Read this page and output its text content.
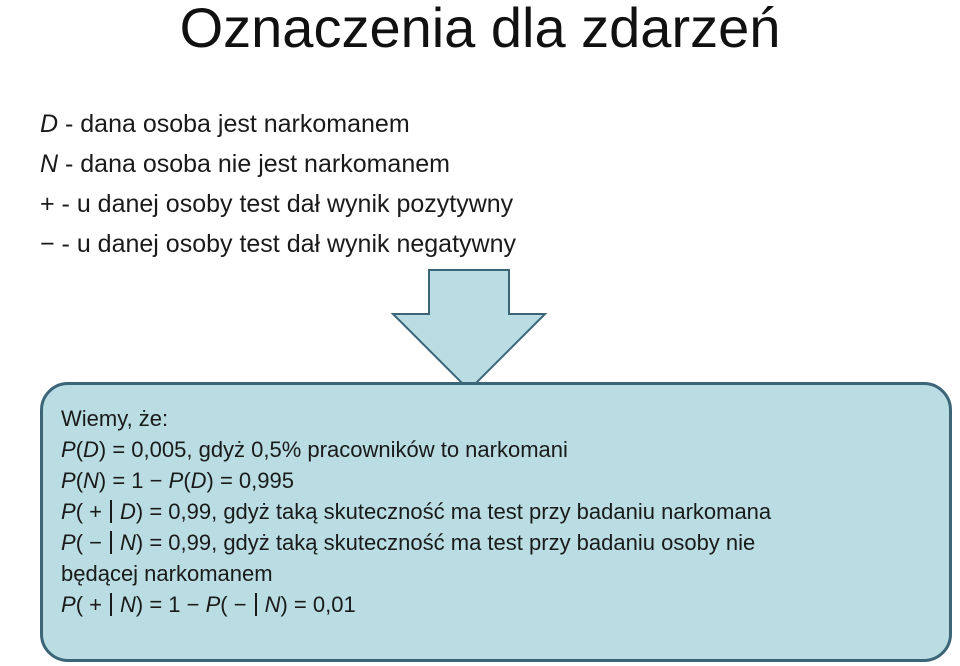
Oznaczenia dla zdarzeń
D - dana osoba jest narkomanem
N - dana osoba nie jest narkomanem
+ - u danej osoby test dał wynik pozytywny
− - u danej osoby test dał wynik negatywny
Wiemy, że:
P(D) = 0,005, gdyż 0,5% pracowników to narkomani
P(N) = 1 − P(D) = 0,995
P( + D) = 0,99, gdyż taką skuteczność ma test przy badaniu narkomana
P( − N) = 0,99, gdyż taką skuteczność ma test przy badaniu osoby nie
będącej narkomanem
P( + N) = 1 − P( − N) = 0,01
